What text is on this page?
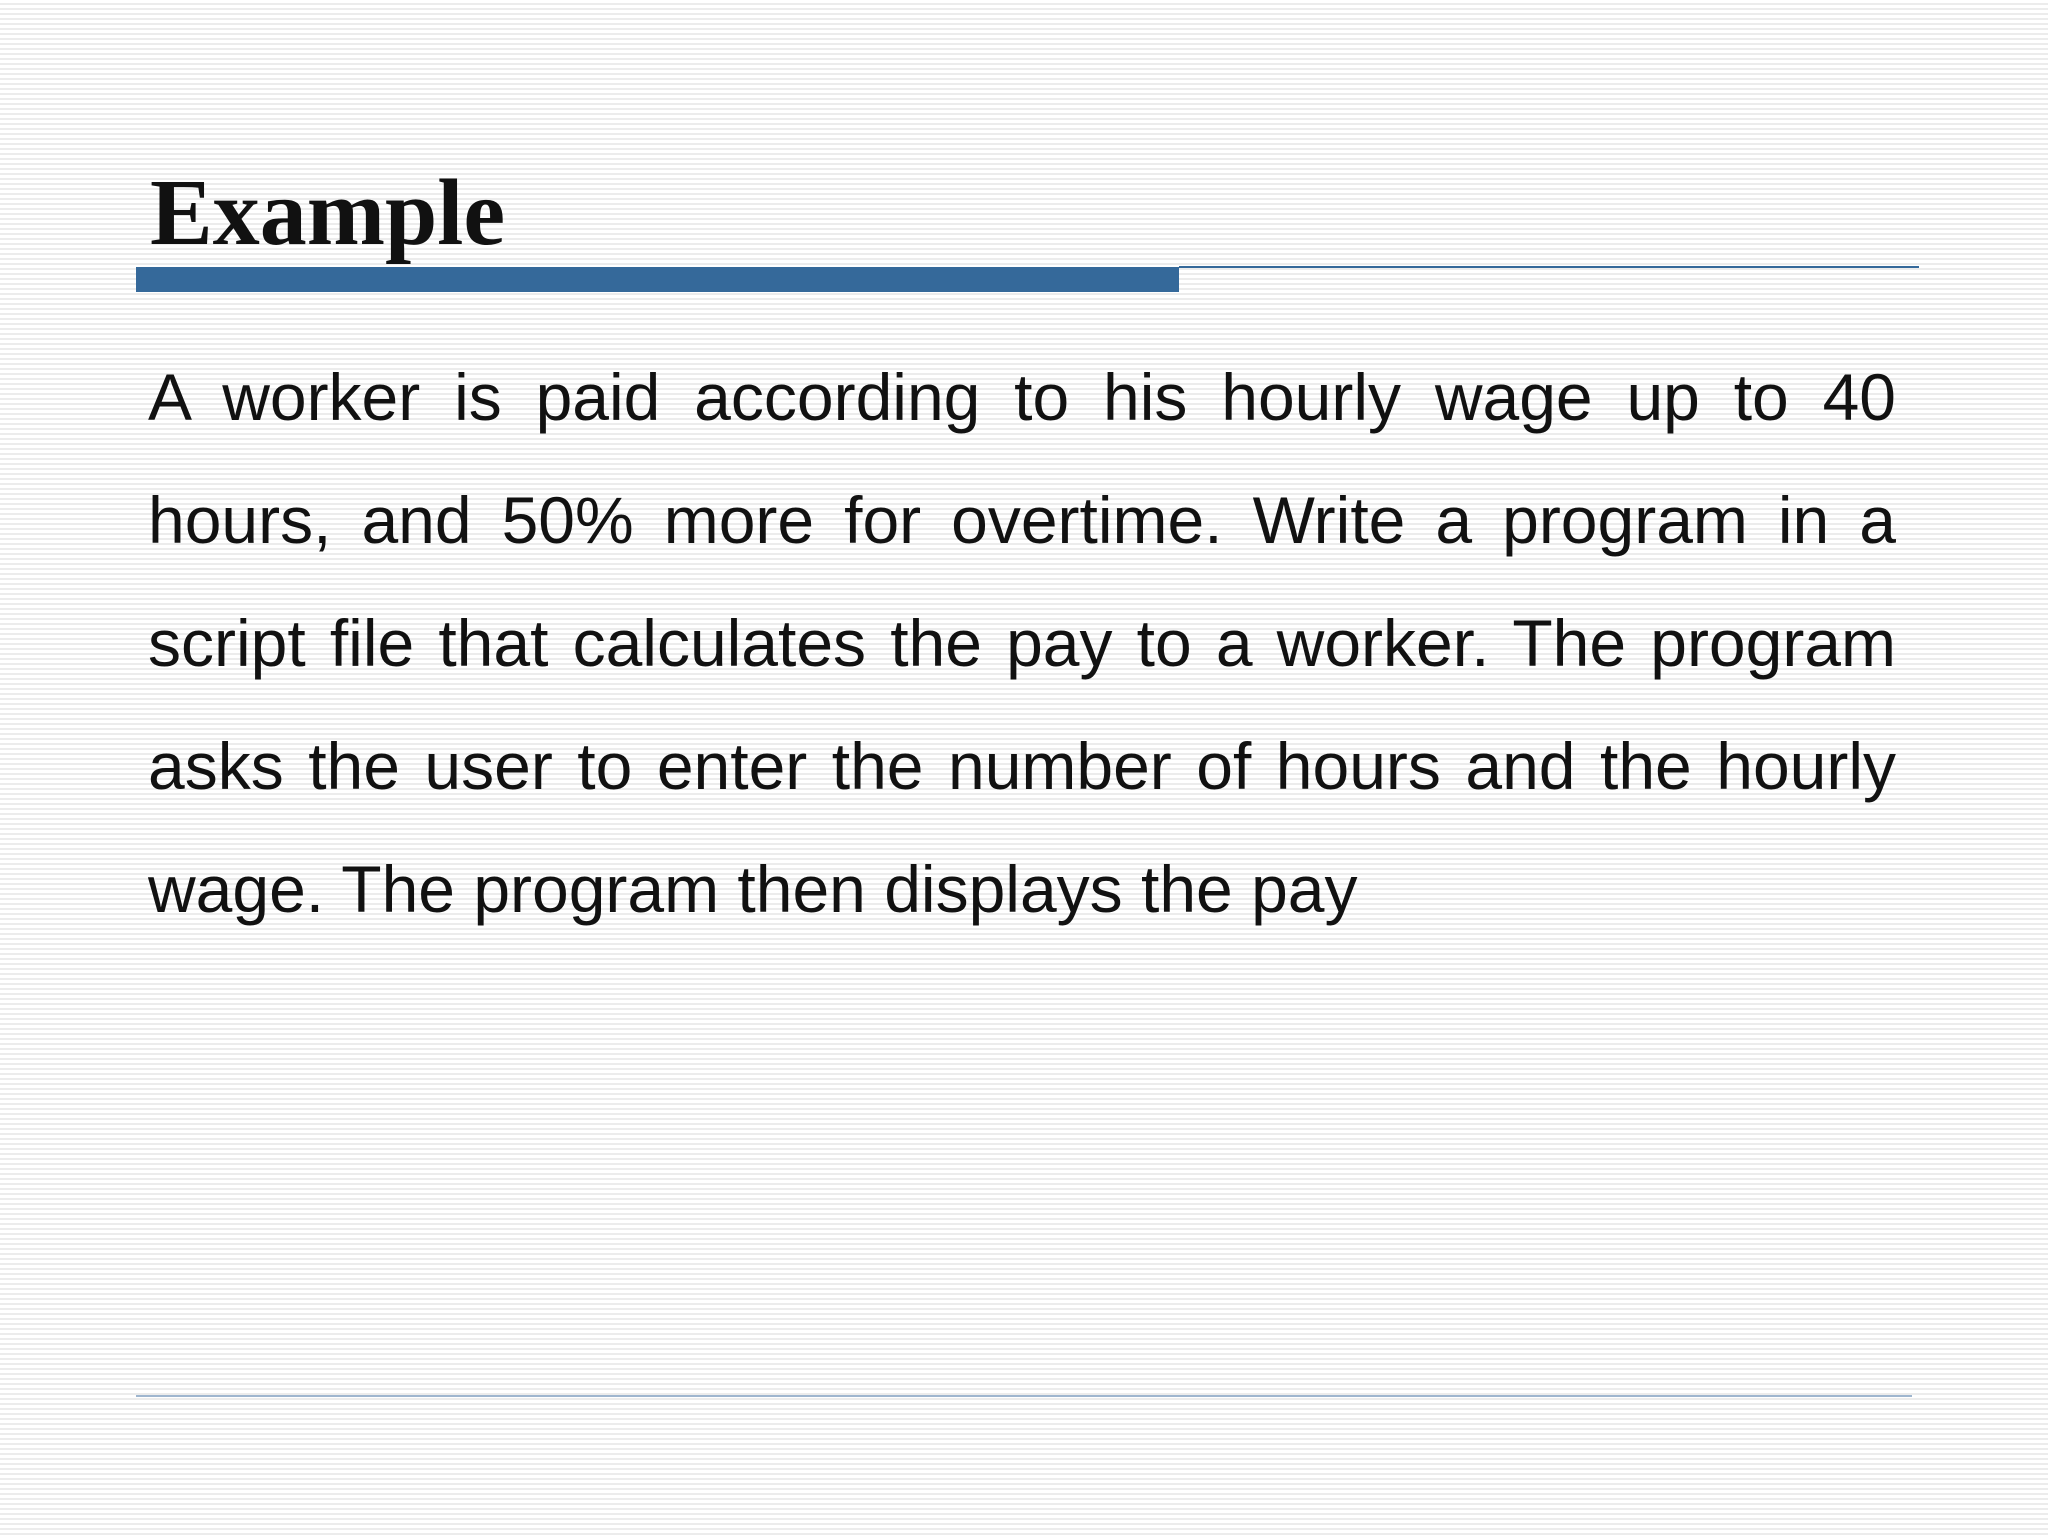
Example

A worker is paid according to his hourly wage up to 40 hours, and 50% more for overtime. Write a program in a script file that calculates the pay to a worker. The program asks the user to enter the number of hours and the hourly wage. The program then displays the pay
